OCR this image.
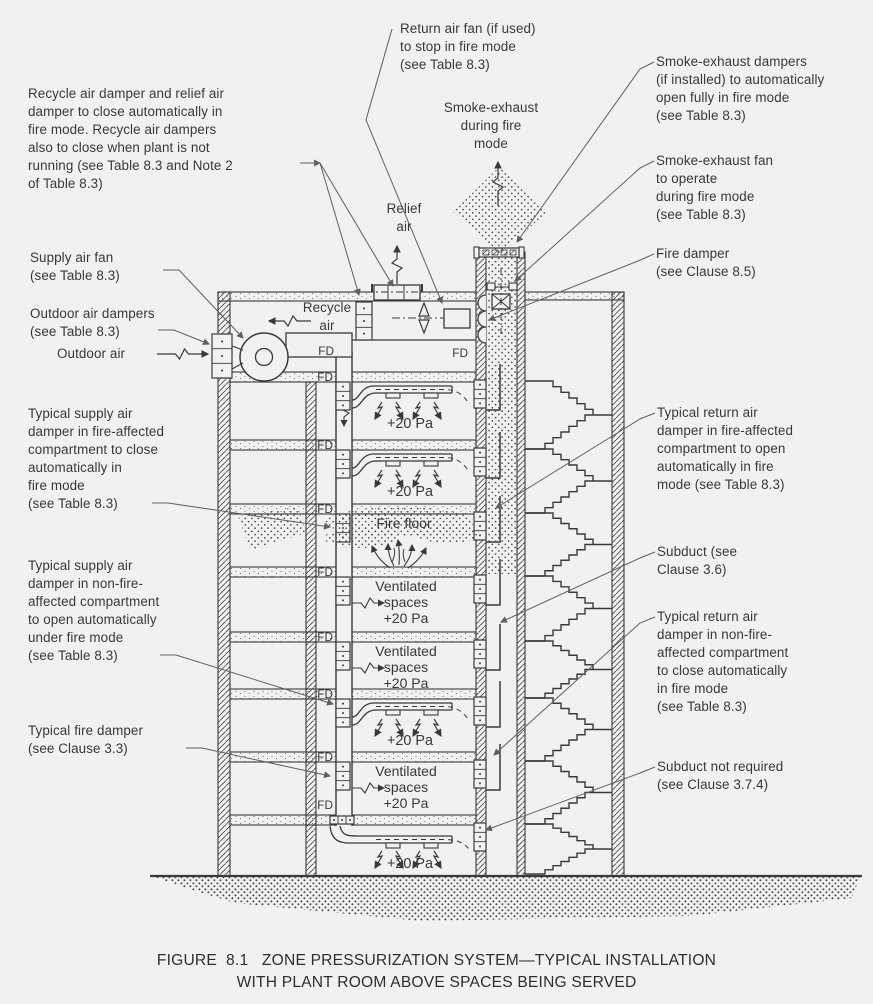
FD	FD
FD
+20 Pa
FD
+20 Pa
FD
Fire floor
FD
Ventilated
spaces
+20 Pa
FD
Ventilated
spaces
+20 Pa
FD
+20 Pa
FD
Ventilated
spaces
+20 Pa
FD
+20 Pa
Recycle air damper and relief air
damper to close automatically in
fire mode. Recycle air dampers
also to close when plant is not
running (see Table 8.3 and Note 2
of Table 8.3)
Supply air fan
(see Table 8.3)
Outdoor air dampers
(see Table 8.3)
Outdoor air
Typical supply air
damper in fire-affected
compartment to close
automatically in
fire mode
(see Table 8.3)
Typical supply air
damper in non-fire-
affected compartment
to open automatically
under fire mode
(see Table 8.3)
Typical fire damper
(see Clause 3.3)
Return air fan (if used)
to stop in fire mode
(see Table 8.3)
Smoke-exhaust
during fire
mode
Relief
air
Recycle
air
Smoke-exhaust dampers
(if installed) to automatically
open fully in fire mode
(see Table 8.3)
Smoke-exhaust fan
to operate
during fire mode
(see Table 8.3)
Fire damper
(see Clause 8.5)
Typical return air
damper in fire-affected
compartment to open
automatically in fire
mode (see Table 8.3)
Subduct (see
Clause 3.6)
Typical return air
damper in non-fire-
affected compartment
to close automatically
in fire mode
(see Table 8.3)
Subduct not required
(see Clause 3.7.4)
FIGURE  8.1   ZONE PRESSURIZATION SYSTEM—TYPICAL INSTALLATION
WITH PLANT ROOM ABOVE SPACES BEING SERVED
